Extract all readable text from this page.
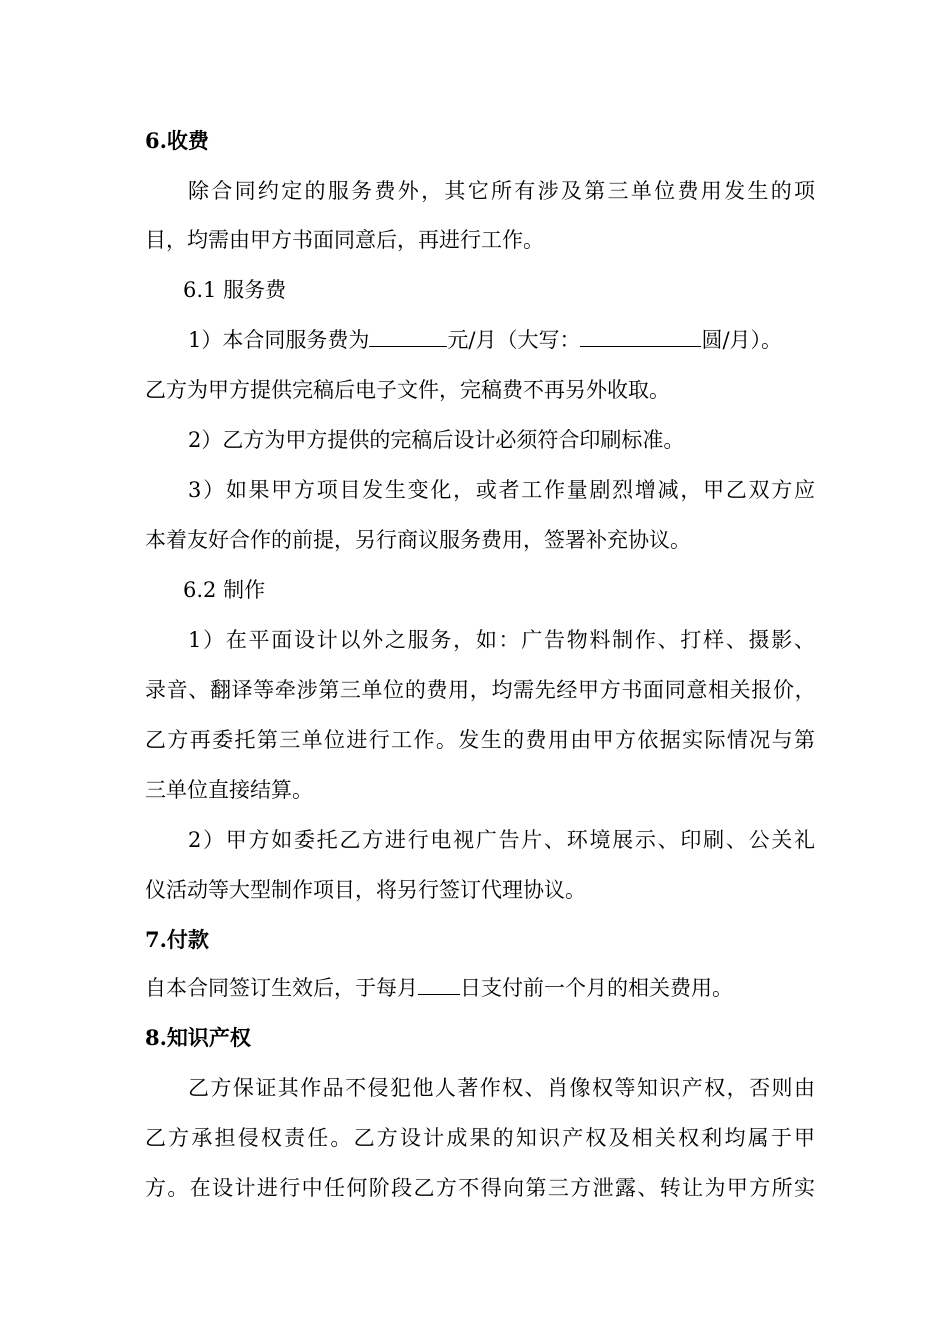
6.收费
除合同约定的服务费外，其它所有涉及第三单位费用发生的项
目，均需由甲方书面同意后，再进行工作。
6.1 服务费
1）本合同服务费为	元/月（大写：	圆/月）。
乙方为甲方提供完稿后电子文件，完稿费不再另外收取。
2）乙方为甲方提供的完稿后设计必须符合印刷标准。
3）如果甲方项目发生变化，或者工作量剧烈增减，甲乙双方应
本着友好合作的前提，另行商议服务费用，签署补充协议。
6.2 制作
1）在平面设计以外之服务，如：广告物料制作、打样、摄影、
录音、翻译等牵涉第三单位的费用，均需先经甲方书面同意相关报价，
乙方再委托第三单位进行工作。发生的费用由甲方依据实际情况与第
三单位直接结算。
2）甲方如委托乙方进行电视广告片、环境展示、印刷、公关礼
仪活动等大型制作项目，将另行签订代理协议。
7.付款
自本合同签订生效后，于每月 日支付前一个月的相关费用。
8.知识产权
乙方保证其作品不侵犯他人著作权、肖像权等知识产权，否则由
乙方承担侵权责任。乙方设计成果的知识产权及相关权利均属于甲
方。在设计进行中任何阶段乙方不得向第三方泄露、转让为甲方所实
